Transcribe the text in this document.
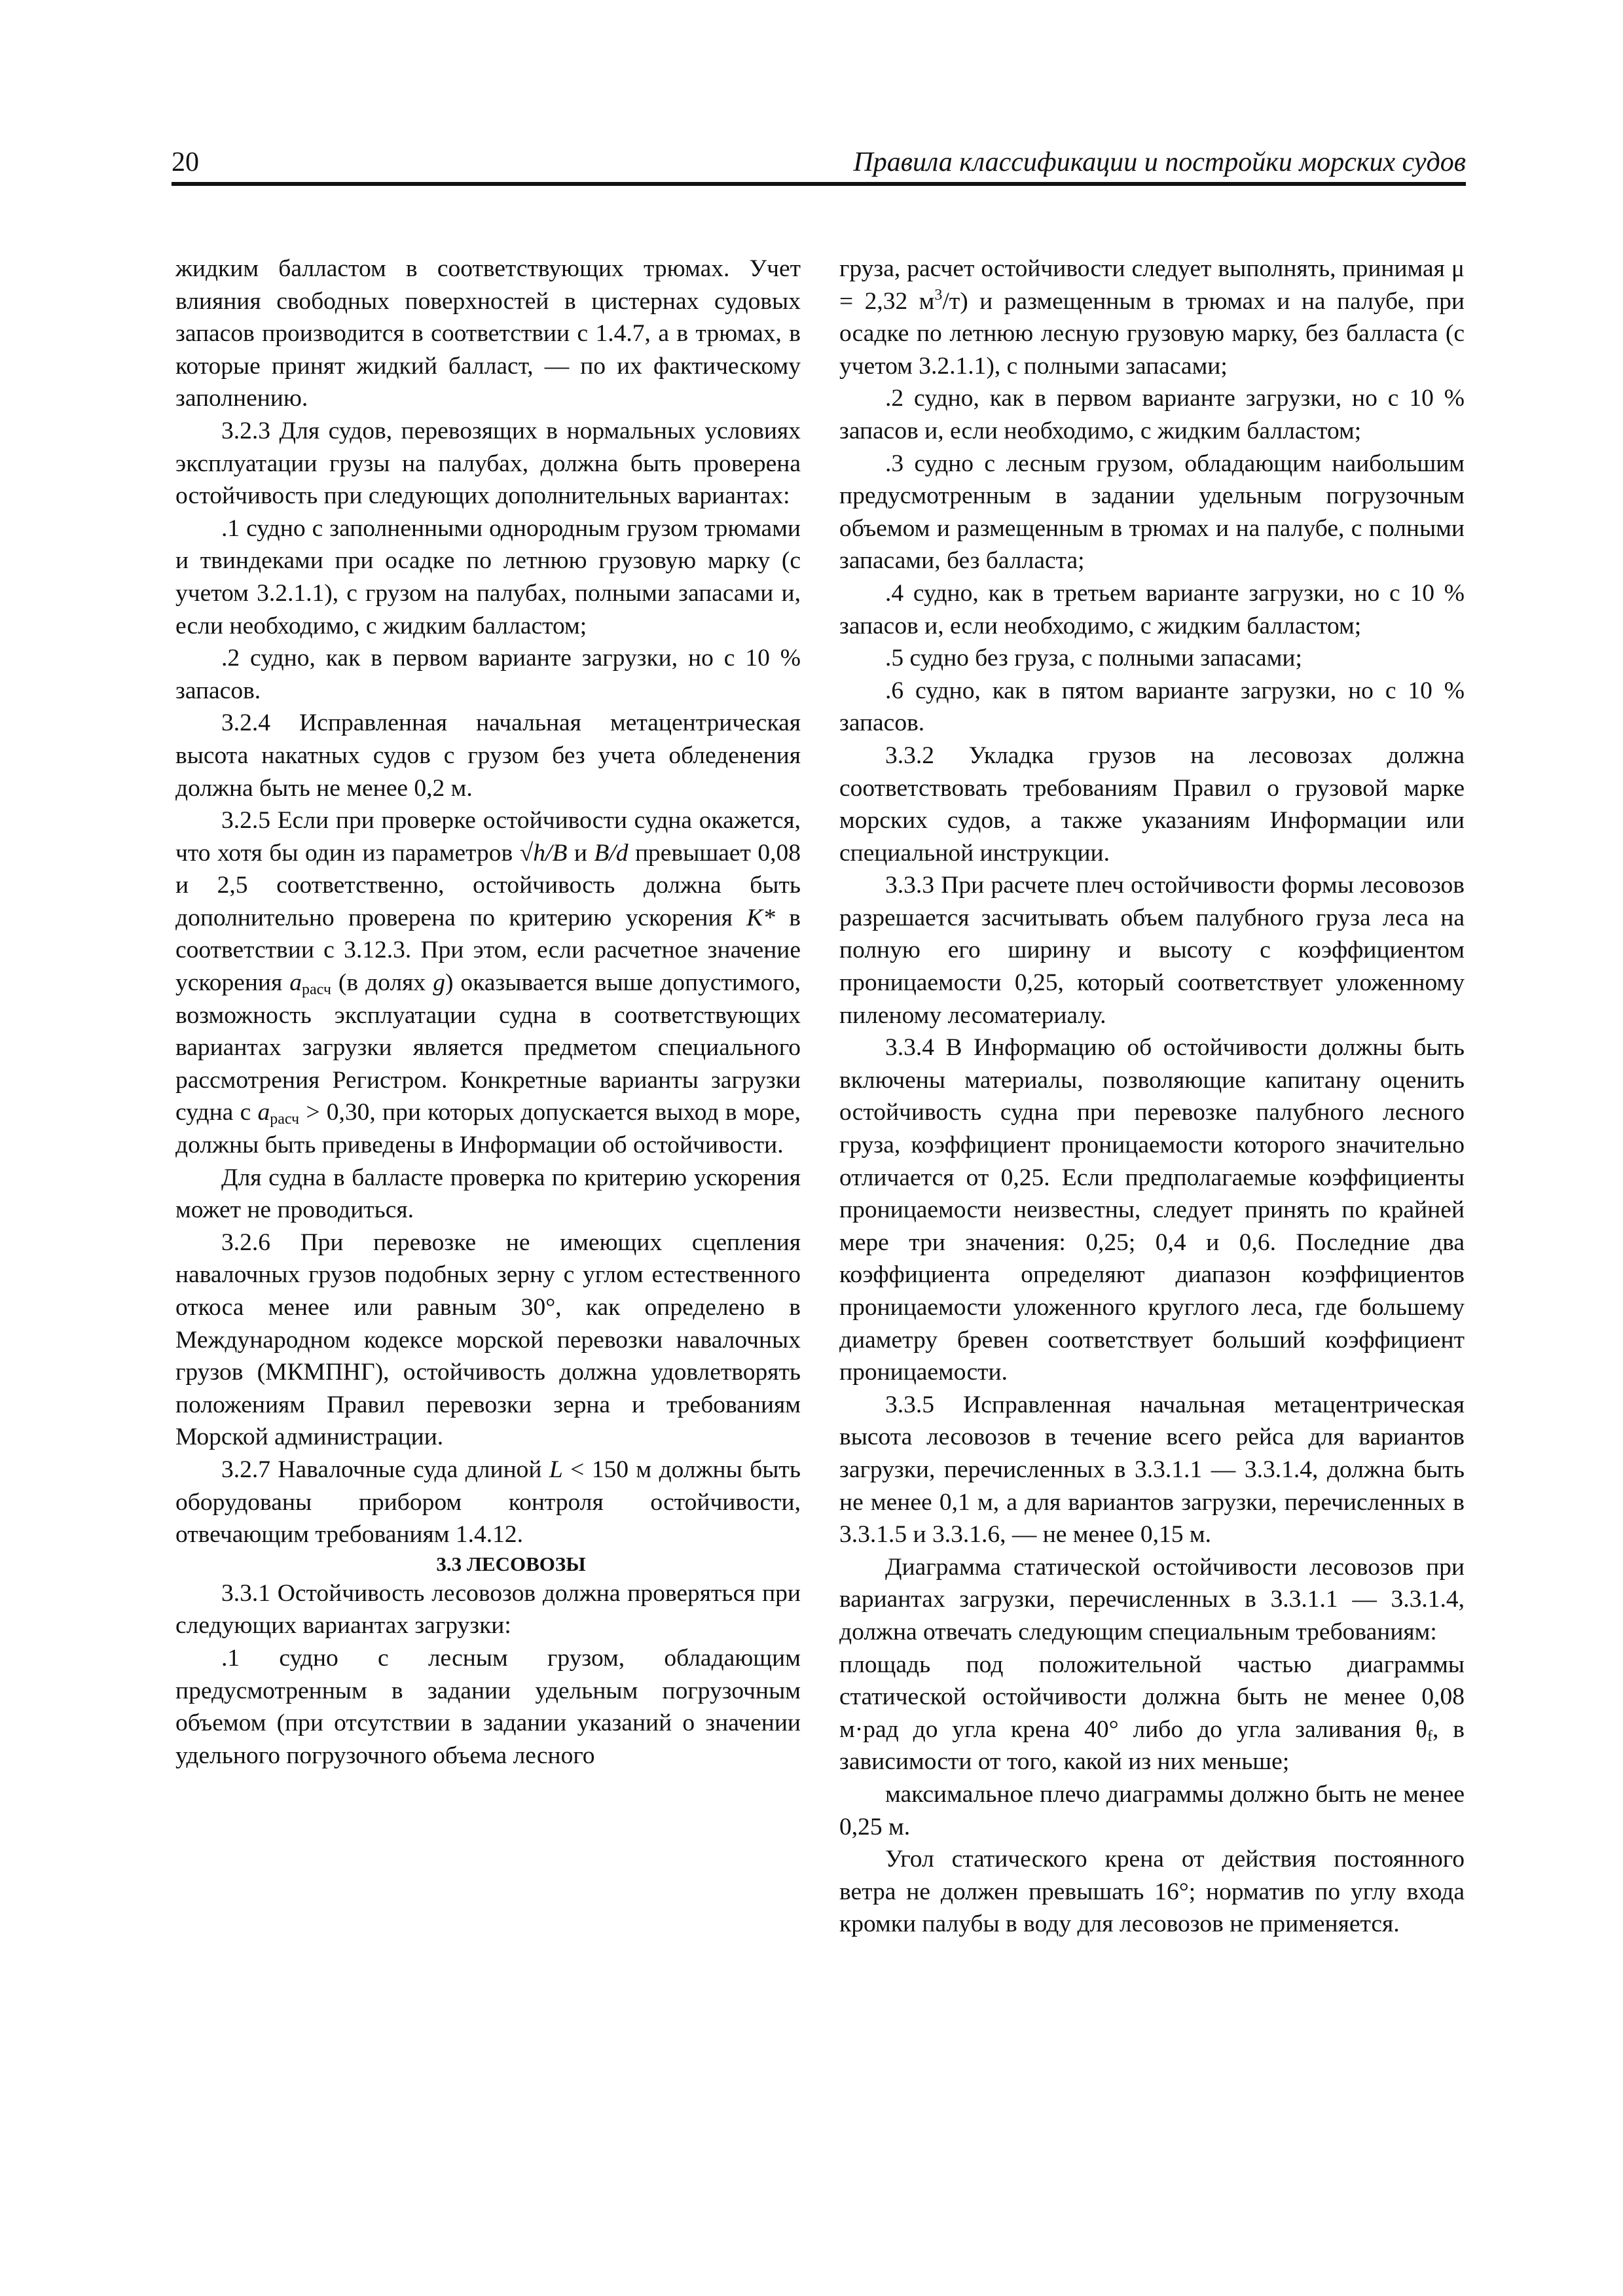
20	Правила классификации и постройки морских судов

жидким балластом в соответствующих трюмах. Учет влияния свободных поверхностей в цистернах судовых запасов производится в соответствии с 1.4.7, а в трюмах, в которые принят жидкий балласт, — по их фактическому заполнению.

3.2.3 Для судов, перевозящих в нормальных условиях эксплуатации грузы на палубах, должна быть проверена остойчивость при следующих дополнительных вариантах:

.1 судно с заполненными однородным грузом трюмами и твиндеками при осадке по летнюю грузовую марку (с учетом 3.2.1.1), с грузом на палубах, полными запасами и, если необходимо, с жидким балластом;

.2 судно, как в первом варианте загрузки, но с 10 % запасов.

3.2.4 Исправленная начальная метацентрическая высота накатных судов с грузом без учета обледенения должна быть не менее 0,2 м.

3.2.5 Если при проверке остойчивости судна окажется, что хотя бы один из параметров √h/B и B/d превышает 0,08 и 2,5 соответственно, остойчивость должна быть дополнительно проверена по критерию ускорения K* в соответствии с 3.12.3. При этом, если расчетное значение ускорения $a_{расч}$ (в долях g) оказывается выше допустимого, возможность эксплуатации судна в соответствующих вариантах загрузки является предметом специального рассмотрения Регистром. Конкретные варианты загрузки судна с $a_{расч} > 0,30$, при которых допускается выход в море, должны быть приведены в Информации об остойчивости.

Для судна в балласте проверка по критерию ускорения может не проводиться.

3.2.6 При перевозке не имеющих сцепления навалочных грузов подобных зерну с углом естественного откоса менее или равным 30°, как определено в Международном кодексе морской перевозки навалочных грузов (МКМПНГ), остойчивость должна удовлетворять положениям Правил перевозки зерна и требованиям Морской администрации.

3.2.7 Навалочные суда длиной L < 150 м должны быть оборудованы прибором контроля остойчивости, отвечающим требованиям 1.4.12.

3.3 ЛЕСОВОЗЫ

3.3.1 Остойчивость лесовозов должна проверяться при следующих вариантах загрузки:

.1 судно с лесным грузом, обладающим предусмотренным в задании удельным погрузочным объемом (при отсутствии в задании указаний о значении удельного погрузочного объема лесного

груза, расчет остойчивости следует выполнять, принимая μ = 2,32 $м^3/т$) и размещенным в трюмах и на палубе, при осадке по летнюю лесную грузовую марку, без балласта (с учетом 3.2.1.1), с полными запасами;

.2 судно, как в первом варианте загрузки, но с 10 % запасов и, если необходимо, с жидким балластом;

.3 судно с лесным грузом, обладающим наибольшим предусмотренным в задании удельным погрузочным объемом и размещенным в трюмах и на палубе, с полными запасами, без балласта;

.4 судно, как в третьем варианте загрузки, но с 10 % запасов и, если необходимо, с жидким балластом;

.5 судно без груза, с полными запасами;

.6 судно, как в пятом варианте загрузки, но с 10 % запасов.

3.3.2 Укладка грузов на лесовозах должна соответствовать требованиям Правил о грузовой марке морских судов, а также указаниям Информации или специальной инструкции.

3.3.3 При расчете плеч остойчивости формы лесовозов разрешается засчитывать объем палубного груза леса на полную его ширину и высоту с коэффициентом проницаемости 0,25, который соответствует уложенному пиленому лесоматериалу.

3.3.4 В Информацию об остойчивости должны быть включены материалы, позволяющие капитану оценить остойчивость судна при перевозке палубного лесного груза, коэффициент проницаемости которого значительно отличается от 0,25. Если предполагаемые коэффициенты проницаемости неизвестны, следует принять по крайней мере три значения: 0,25; 0,4 и 0,6. Последние два коэффициента определяют диапазон коэффициентов проницаемости уложенного круглого леса, где большему диаметру бревен соответствует больший коэффициент проницаемости.

3.3.5 Исправленная начальная метацентрическая высота лесовозов в течение всего рейса для вариантов загрузки, перечисленных в 3.3.1.1 — 3.3.1.4, должна быть не менее 0,1 м, а для вариантов загрузки, перечисленных в 3.3.1.5 и 3.3.1.6, — не менее 0,15 м.

Диаграмма статической остойчивости лесовозов при вариантах загрузки, перечисленных в 3.3.1.1 — 3.3.1.4, должна отвечать следующим специальным требованиям:

площадь под положительной частью диаграммы статической остойчивости должна быть не менее 0,08 м·рад до угла крена 40° либо до угла заливания $\theta_f$, в зависимости от того, какой из них меньше;

максимальное плечо диаграммы должно быть не менее 0,25 м.

Угол статического крена от действия постоянного ветра не должен превышать 16°; норматив по углу входа кромки палубы в воду для лесовозов не применяется.
